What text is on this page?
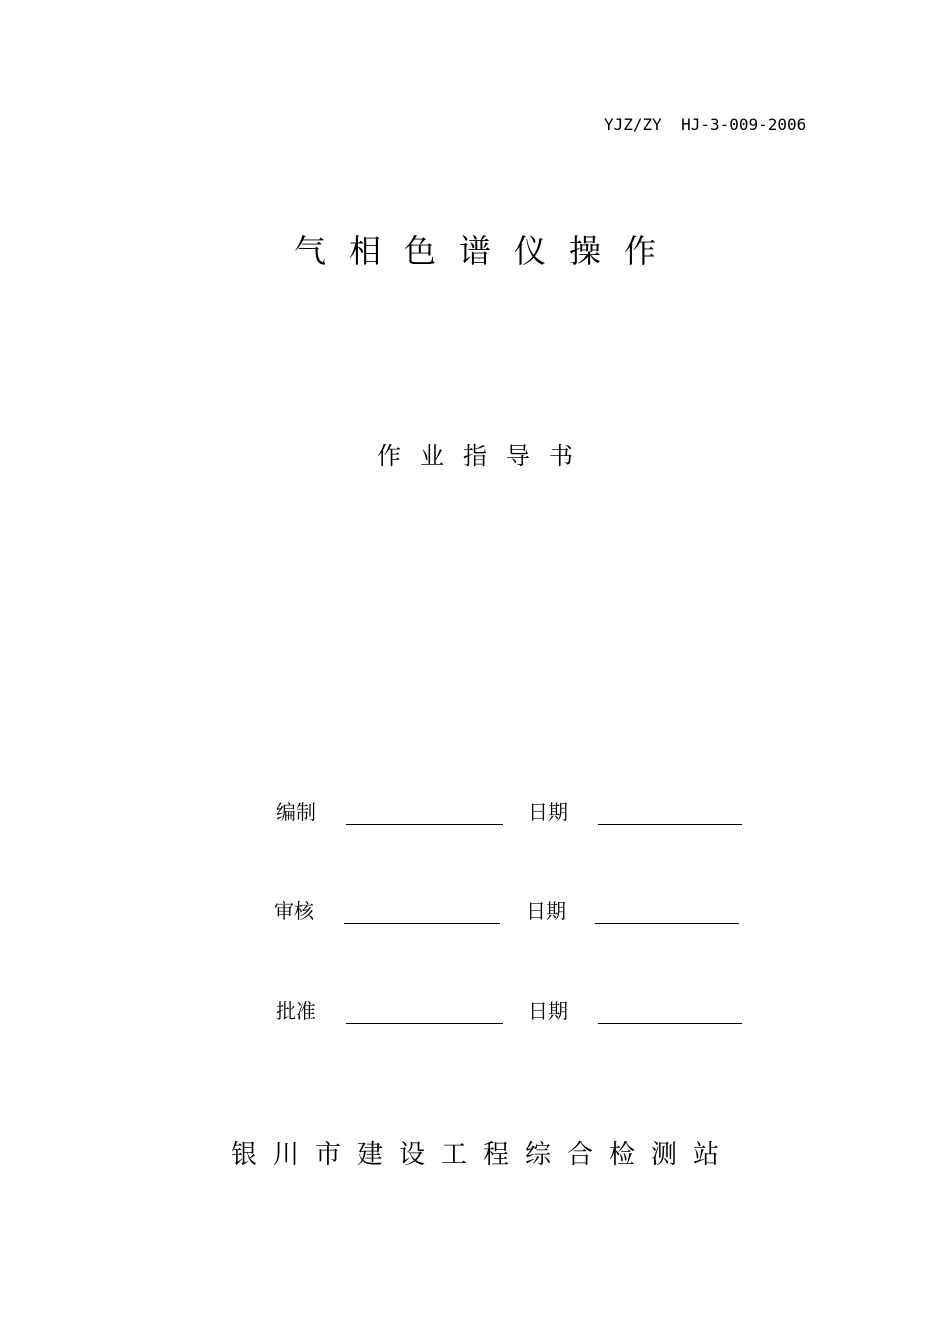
YJZ/ZY  HJ-3-009-2006
气相色谱仪操作
作业指导书
编制	日期
审核	日期
批准	日期
银川市建设工程综合检测站
